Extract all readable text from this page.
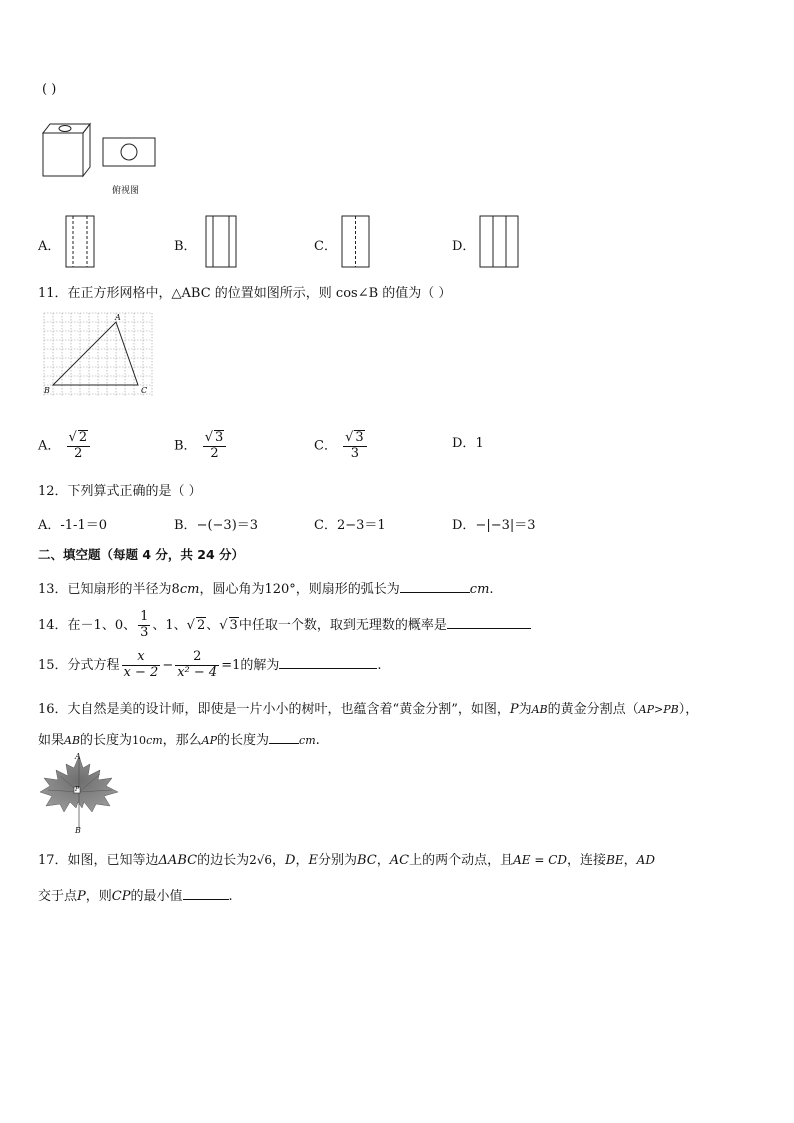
( )
俯视图
A．	B．	C．	D．
11．在正方形网格中，△ABC 的位置如图所示，则 cos∠B 的值为（ ）
A
B	C
A． $\frac{√ 2}{2}$	B． $\frac{√ 3}{2}$	C． $\frac{√ 3}{3}$	D．1
12．下列算式正确的是（ ）
A．-1-1＝0	B．−(−3)＝3	C．2−3＝1	D．−|−3|＝3
二、填空题（每题 4 分，共 24 分）
13．已知扇形的半径为8cm，圆心角为120°，则扇形的弧长为	cm.
14．在－1、0、 $\frac{1}{3}$ 、1、√ 2、√ 3中任取一个数，取到无理数的概率是
15．分式方程 $\frac{x}{x - 2} - \frac{2}{\text{x² − 4}} =1$的解为	.
16．大自然是美的设计师，即使是一片小小的树叶，也蕴含着“黄金分割”，如图，P为AB的黄金分割点（AP>PB），
如果AB的长度为10cm，那么AP的长度为	cm.
A
P
B
17．如图，已知等边ΔABC的边长为2√6，D，E分别为BC，AC上的两个动点，且AE = CD，连接BE，AD
交于点P，则CP的最小值	.
